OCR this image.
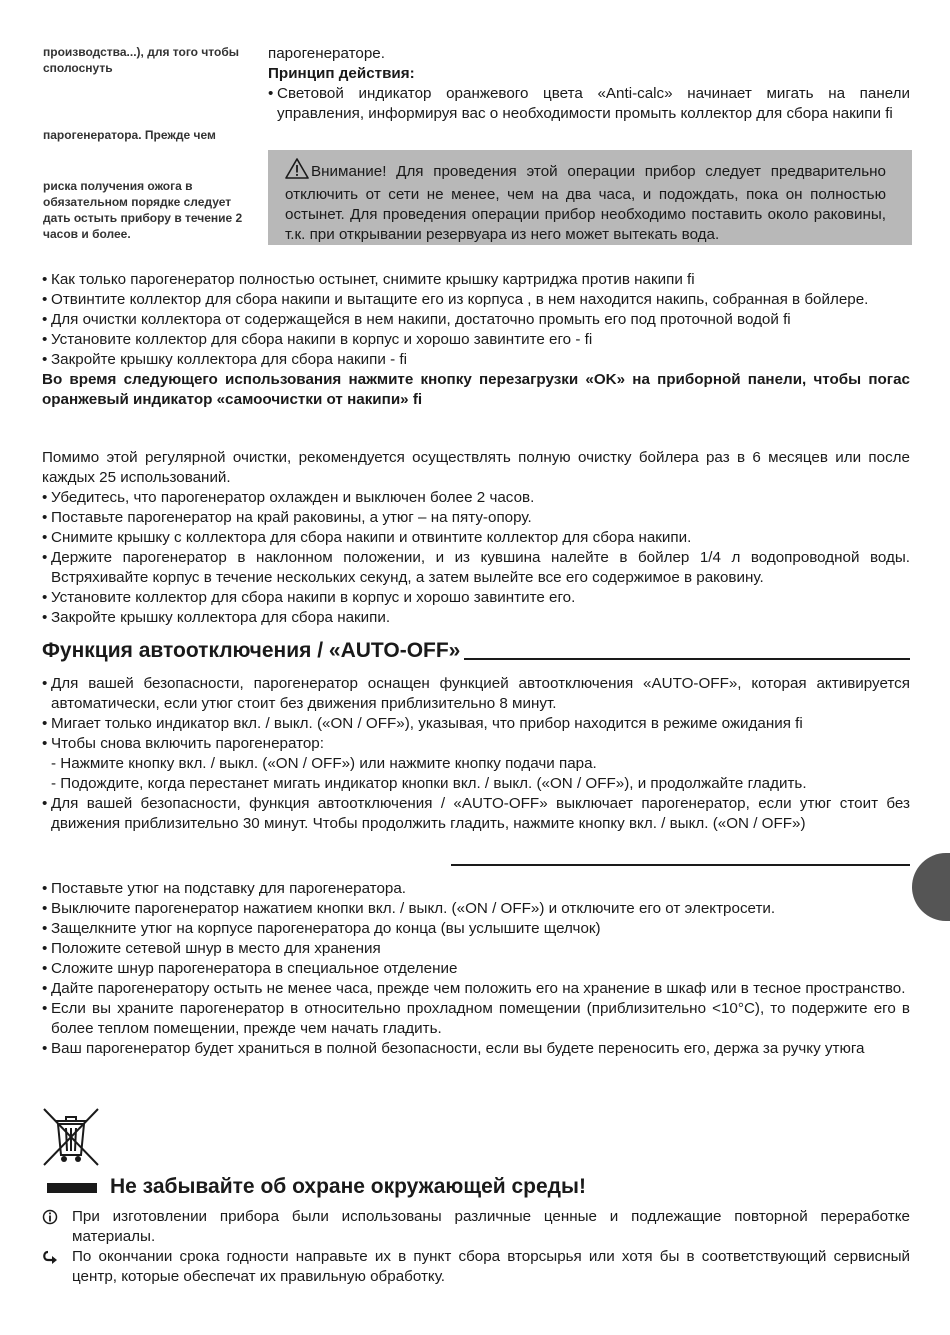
производства...), для того чтобы сполоснуть
парогенератора. Прежде чем
риска получения ожога в обязательном порядке следует дать остыть прибору в течение 2 часов и более.

парогенераторе.

Принцип действия:

• Световой индикатор оранжевого цвета «Anti-calc» начинает мигать на панели управления, информируя вас о необходимости промыть коллектор для сбора накипи fi

Внимание! Для проведения этой операции прибор следует предварительно отключить от сети не менее, чем на два часа, и подождать, пока он полностью остынет. Для проведения операции прибор необходимо поставить около раковины, т.к. при открывании резервуара из него может вытекать вода.

• Как только парогенератор полностью остынет, снимите крышку картриджа против накипи fi

• Отвинтите коллектор для сбора накипи и вытащите его из корпуса , в нем находится накипь, собранная в бойлере.

• Для очистки коллектора от содержащейся в нем накипи, достаточно промыть его под проточной водой fi

• Установите коллектор для сбора накипи в корпус и хорошо завинтите его - fi

• Закройте крышку коллектора для сбора накипи - fi

Во время следующего использования нажмите кнопку перезагрузки «OK» на приборной панели, чтобы погас оранжевый индикатор «самоочистки от накипи» fi

Помимо этой регулярной очистки, рекомендуется осуществлять полную очистку бойлера раз в 6 месяцев или после каждых 25 использований.

• Убедитесь, что парогенератор охлажден и выключен более 2 часов.

• Поставьте парогенератор на край раковины, а утюг – на пяту-опору.

• Снимите крышку с коллектора для сбора накипи и отвинтите коллектор для сбора накипи.

• Держите парогенератор в наклонном положении, и из кувшина налейте в бойлер 1/4 л водопроводной воды. Встряхивайте корпус в течение нескольких секунд, а затем вылейте все его содержимое в раковину.

• Установите коллектор для сбора накипи в корпус и хорошо завинтите его.

• Закройте крышку коллектора для сбора накипи.

Функция автоотключения / «AUTO-OFF»

• Для вашей безопасности, парогенератор оснащен функцией автоотключения «AUTO-OFF», которая активируется автоматически, если утюг стоит без движения приблизительно 8 минут.

• Мигает только индикатор вкл. / выкл. («ON / OFF»), указывая, что прибор находится в режиме ожидания fi

• Чтобы снова включить парогенератор:

- Нажмите кнопку вкл. / выкл. («ON / OFF») или нажмите кнопку подачи пара.

- Подождите, когда перестанет мигать индикатор кнопки вкл. / выкл. («ON / OFF»), и продолжайте гладить.

• Для вашей безопасности, функция автоотключения / «AUTO-OFF» выключает парогенератор, если утюг стоит без движения приблизительно 30 минут. Чтобы продолжить гладить, нажмите кнопку вкл. / выкл. («ON / OFF»)

• Поставьте утюг на подставку для парогенератора.

• Выключите парогенератор нажатием кнопки вкл. / выкл. («ON / OFF») и отключите его от электросети.

• Защелкните утюг на корпусе парогенератора до конца (вы услышите щелчок)

• Положите сетевой шнур в место для хранения

• Сложите шнур парогенератора в специальное отделение

• Дайте парогенератору остыть не менее часа, прежде чем положить его на хранение в шкаф или в тесное пространство.

• Если вы храните парогенератор в относительно прохладном помещении (приблизительно <10°C), то подержите его в более теплом помещении, прежде чем начать гладить.

• Ваш парогенератор будет храниться в полной безопасности, если вы будете переносить его, держа за ручку утюга

Не забывайте об охране окружающей среды!
При изготовлении прибора были использованы различные ценные и подлежащие повторной переработке материалы.
По окончании срока годности направьте их в пункт сбора вторсырья или хотя бы в соответствующий сервисный центр, которые обеспечат их правильную обработку.
